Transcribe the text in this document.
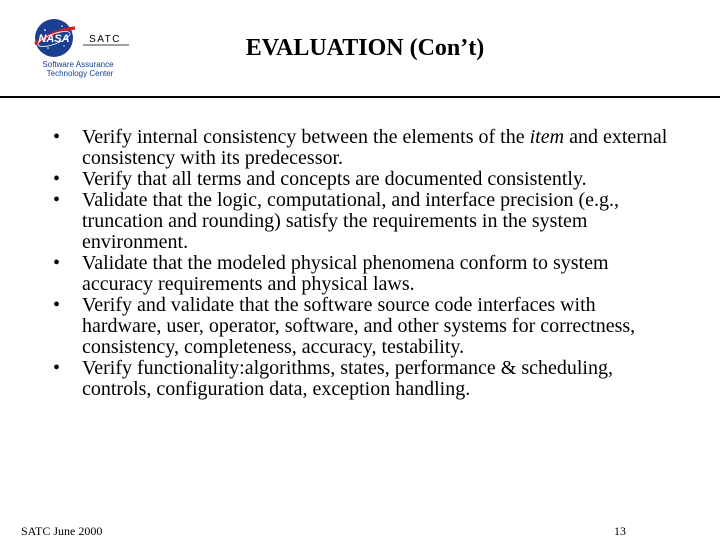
NASA SATC
Software Assurance
Technology Center
EVALUATION (Con’t)
• Verify internal consistency between the elements of the item and external consistency with its predecessor.
• Verify that all terms and concepts are documented consistently.
• Validate that the logic, computational, and interface precision (e.g., truncation and rounding) satisfy the requirements in the system environment.
• Validate that the modeled physical phenomena conform to system accuracy requirements and physical laws.
• Verify and validate that the software source code interfaces with hardware, user, operator, software, and other systems for correctness, consistency, completeness, accuracy, testability.
• Verify functionality:algorithms, states, performance & scheduling, controls, configuration data, exception handling.
SATC June 2000	13
